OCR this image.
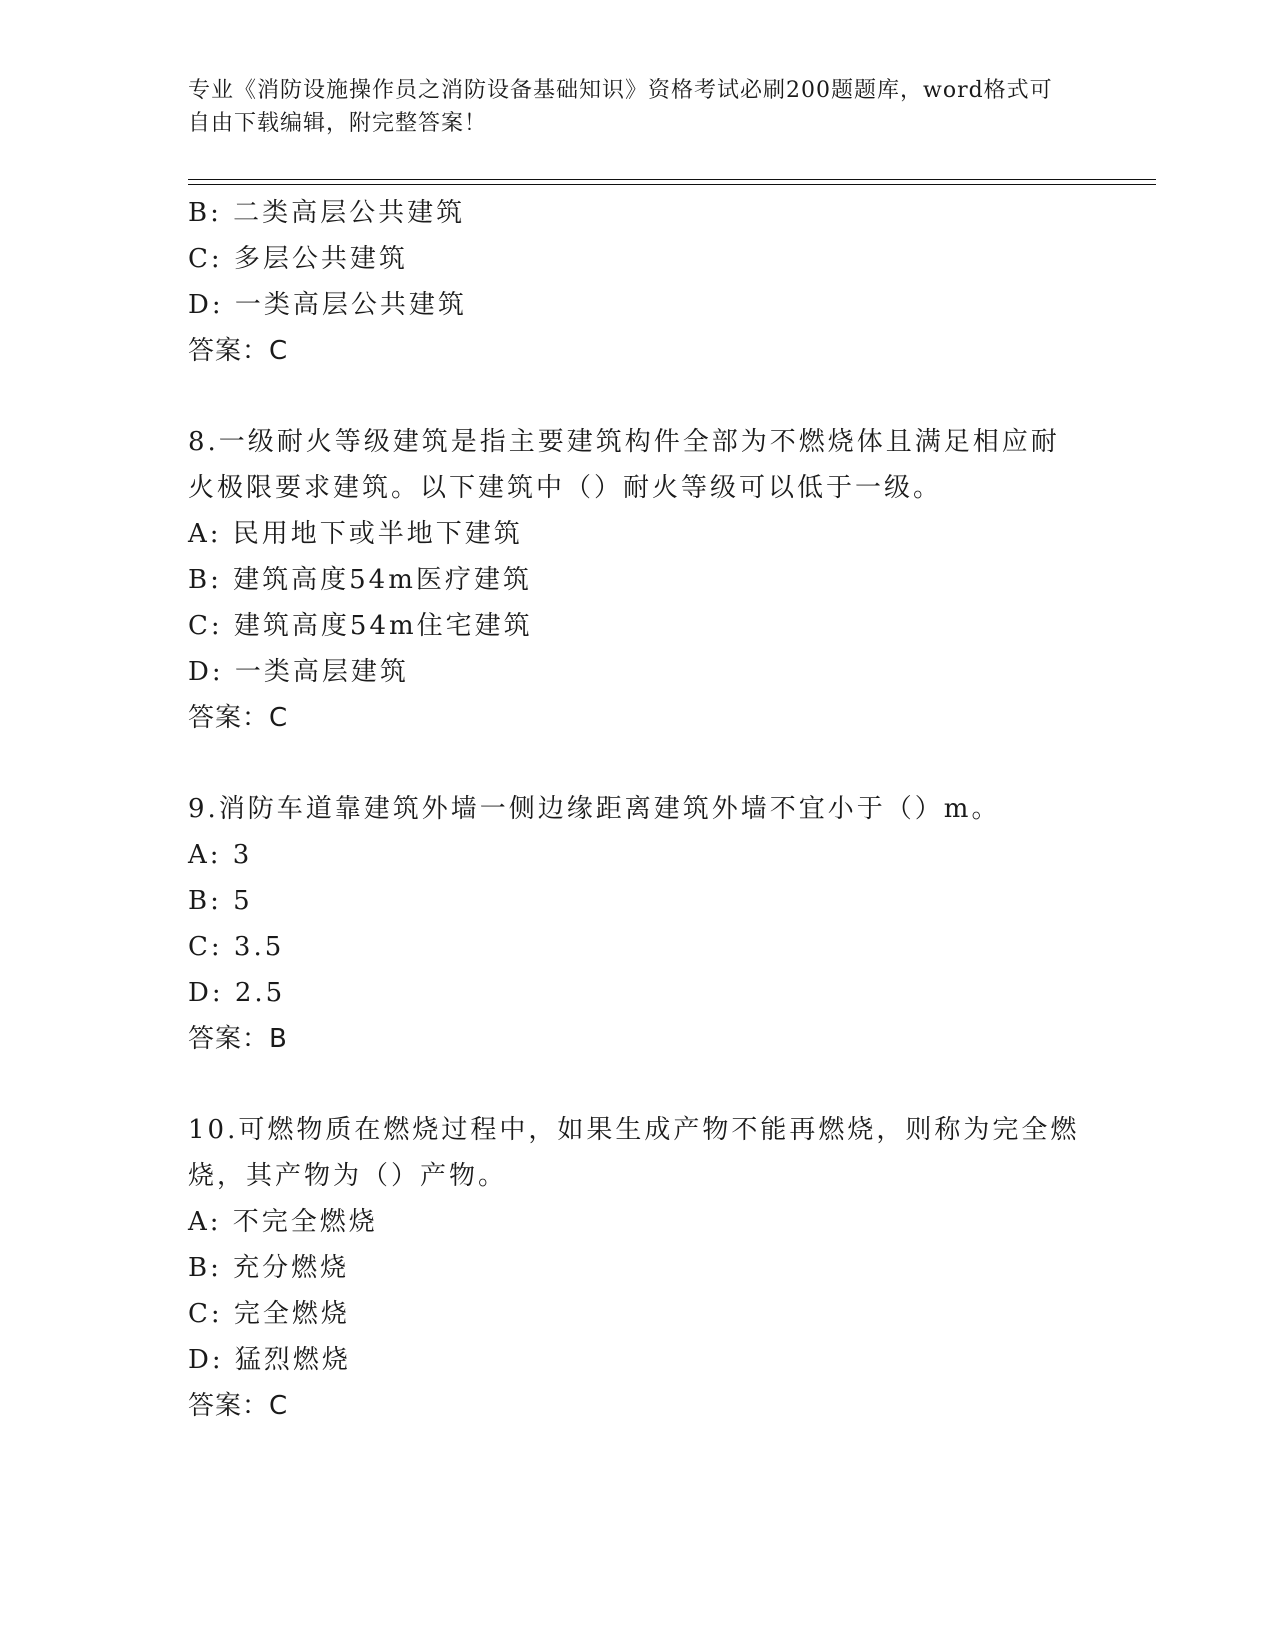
专业《消防设施操作员之消防设备基础知识》资格考试必刷200题题库，word格式可自由下载编辑，附完整答案！
B: 二类高层公共建筑
C: 多层公共建筑
D: 一类高层公共建筑
答案：C
8.一级耐火等级建筑是指主要建筑构件全部为不燃烧体且满足相应耐火极限要求建筑。以下建筑中（）耐火等级可以低于一级。
A: 民用地下或半地下建筑
B: 建筑高度54m医疗建筑
C: 建筑高度54m住宅建筑
D: 一类高层建筑
答案：C
9.消防车道靠建筑外墙一侧边缘距离建筑外墙不宜小于（）m。
A: 3
B: 5
C: 3.5
D: 2.5
答案：B
10.可燃物质在燃烧过程中，如果生成产物不能再燃烧，则称为完全燃烧，其产物为（）产物。
A: 不完全燃烧
B: 充分燃烧
C: 完全燃烧
D: 猛烈燃烧
答案：C
